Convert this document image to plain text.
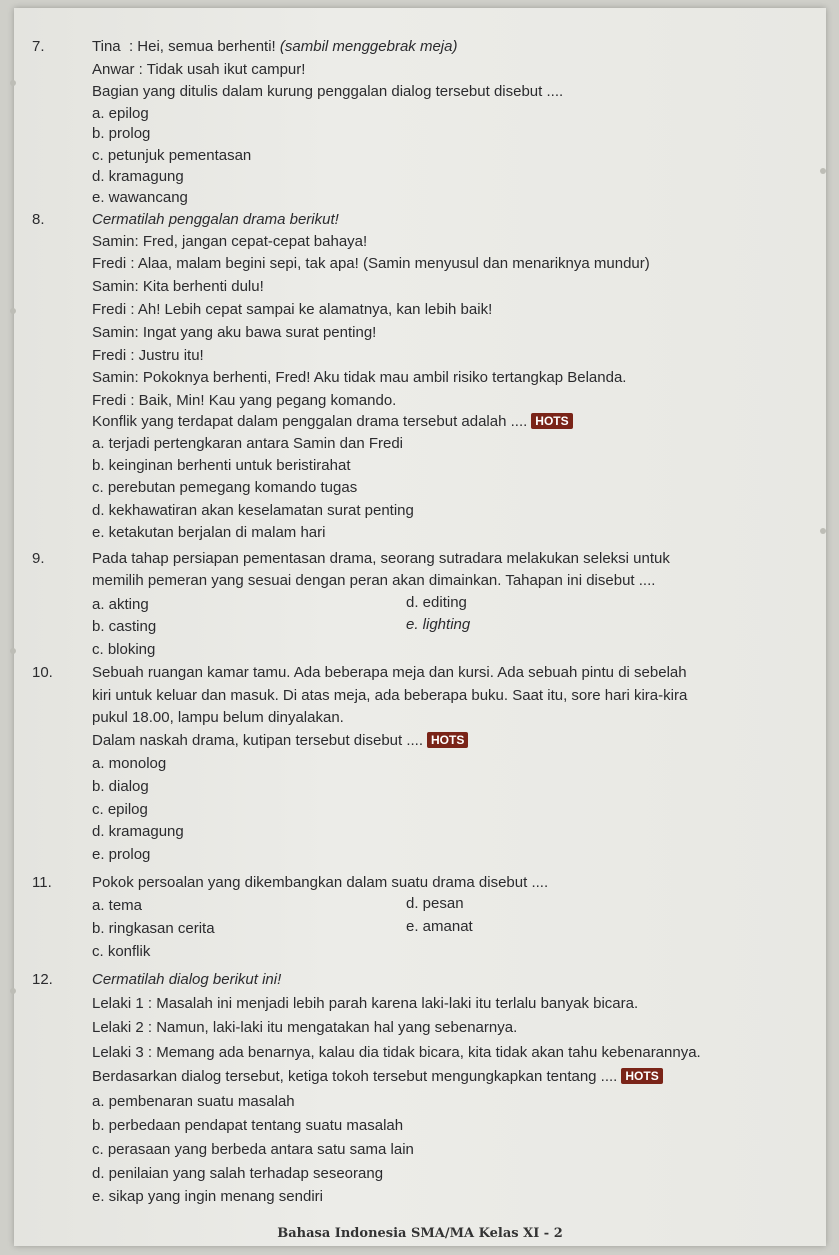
7.	Tina : Hei, semua berhenti! (sambil menggebrak meja)
Anwar : Tidak usah ikut campur!
Bagian yang ditulis dalam kurung penggalan dialog tersebut disebut ....
a. epilog
b. prolog
c. petunjuk pementasan
d. kramagung
e. wawancang
8.	Cermatilah penggalan drama berikut!
Samin: Fred, jangan cepat-cepat bahaya!
Fredi : Alaa, malam begini sepi, tak apa! (Samin menyusul dan menariknya mundur)
Samin: Kita berhenti dulu!
Fredi : Ah! Lebih cepat sampai ke alamatnya, kan lebih baik!
Samin: Ingat yang aku bawa surat penting!
Fredi : Justru itu!
Samin: Pokoknya berhenti, Fred! Aku tidak mau ambil risiko tertangkap Belanda.
Fredi : Baik, Min! Kau yang pegang komando.
Konflik yang terdapat dalam penggalan drama tersebut adalah .... HOTS
a. terjadi pertengkaran antara Samin dan Fredi
b. keinginan berhenti untuk beristirahat
c. perebutan pemegang komando tugas
d. kekhawatiran akan keselamatan surat penting
e. ketakutan berjalan di malam hari
9.	Pada tahap persiapan pementasan drama, seorang sutradara melakukan seleksi untuk
memilih pemeran yang sesuai dengan peran akan dimainkan. Tahapan ini disebut ....
a. akting
b. casting
c. bloking
d. editing
e. lighting
10.	Sebuah ruangan kamar tamu. Ada beberapa meja dan kursi. Ada sebuah pintu di sebelah
kiri untuk keluar dan masuk. Di atas meja, ada beberapa buku. Saat itu, sore hari kira-kira
pukul 18.00, lampu belum dinyalakan.
Dalam naskah drama, kutipan tersebut disebut .... HOTS
a. monolog
b. dialog
c. epilog
d. kramagung
e. prolog
11.	Pokok persoalan yang dikembangkan dalam suatu drama disebut ....
a. tema
b. ringkasan cerita
c. konflik
d. pesan
e. amanat
12.	Cermatilah dialog berikut ini!
Lelaki 1 : Masalah ini menjadi lebih parah karena laki-laki itu terlalu banyak bicara.
Lelaki 2 : Namun, laki-laki itu mengatakan hal yang sebenarnya.
Lelaki 3 : Memang ada benarnya, kalau dia tidak bicara, kita tidak akan tahu kebenarannya.
Berdasarkan dialog tersebut, ketiga tokoh tersebut mengungkapkan tentang .... HOTS
a. pembenaran suatu masalah
b. perbedaan pendapat tentang suatu masalah
c. perasaan yang berbeda antara satu sama lain
d. penilaian yang salah terhadap seseorang
e. sikap yang ingin menang sendiri
Bahasa Indonesia SMA/MA Kelas XI - 2
